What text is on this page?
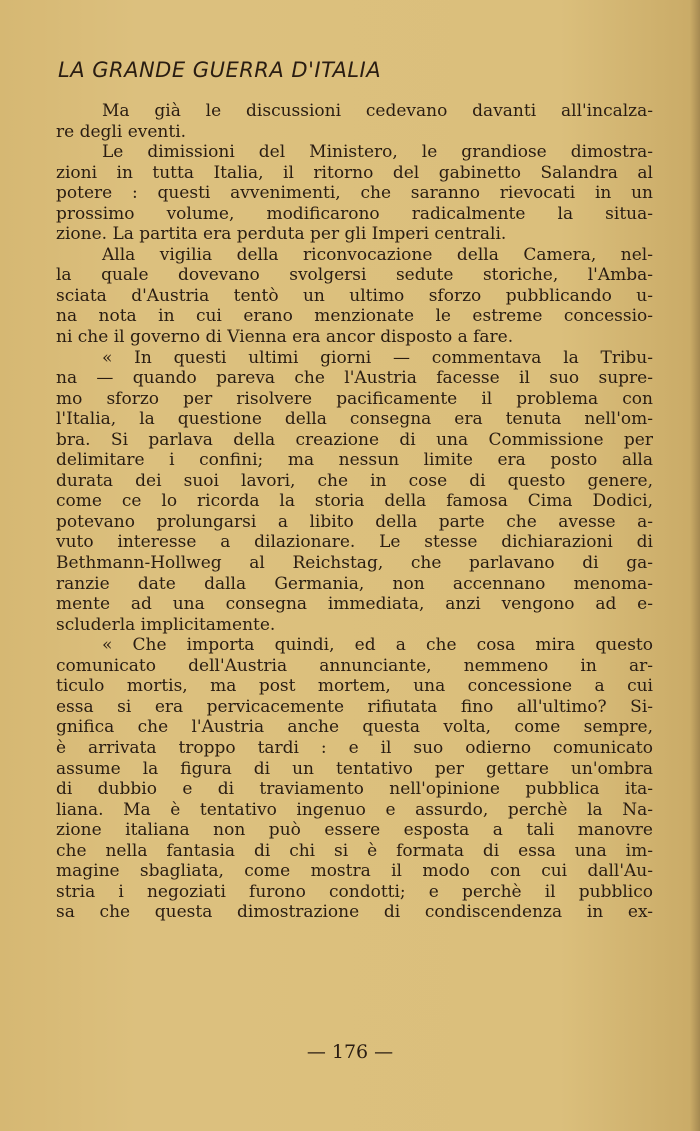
LA GRANDE GUERRA D'ITALIA
Ma già le discussioni cedevano davanti all'incalza-
re degli eventi.
Le dimissioni del Ministero, le grandiose dimostra-
zioni in tutta Italia, il ritorno del gabinetto Salandra al
potere : questi avvenimenti, che saranno rievocati in un
prossimo volume, modificarono radicalmente la situa-
zione. La partita era perduta per gli Imperi centrali.
Alla vigilia della riconvocazione della Camera, nel-
la quale dovevano svolgersi sedute storiche, l'Amba-
sciata d'Austria tentò un ultimo sforzo pubblicando u-
na nota in cui erano menzionate le estreme concessio-
ni che il governo di Vienna era ancor disposto a fare.
« In questi ultimi giorni — commentava la Tribu-
na — quando pareva che l'Austria facesse il suo supre-
mo sforzo per risolvere pacificamente il problema con
l'Italia, la questione della consegna era tenuta nell'om-
bra. Si parlava della creazione di una Commissione per
delimitare i confini; ma nessun limite era posto alla
durata dei suoi lavori, che in cose di questo genere,
come ce lo ricorda la storia della famosa Cima Dodici,
potevano prolungarsi a libito della parte che avesse a-
vuto interesse a dilazionare. Le stesse dichiarazioni di
Bethmann-Hollweg al Reichstag, che parlavano di ga-
ranzie date dalla Germania, non accennano menoma-
mente ad una consegna immediata, anzi vengono ad e-
scluderla implicitamente.
« Che importa quindi, ed a che cosa mira questo
comunicato dell'Austria annunciante, nemmeno in ar-
ticulo mortis, ma post mortem, una concessione a cui
essa si era pervicacemente rifiutata fino all'ultimo? Si-
gnifica che l'Austria anche questa volta, come sempre,
è arrivata troppo tardi : e il suo odierno comunicato
assume la figura di un tentativo per gettare un'ombra
di dubbio e di traviamento nell'opinione pubblica ita-
liana. Ma è tentativo ingenuo e assurdo, perchè la Na-
zione italiana non può essere esposta a tali manovre
che nella fantasia di chi si è formata di essa una im-
magine sbagliata, come mostra il modo con cui dall'Au-
stria i negoziati furono condotti; e perchè il pubblico
sa che questa dimostrazione di condiscendenza in ex-
— 176 —
